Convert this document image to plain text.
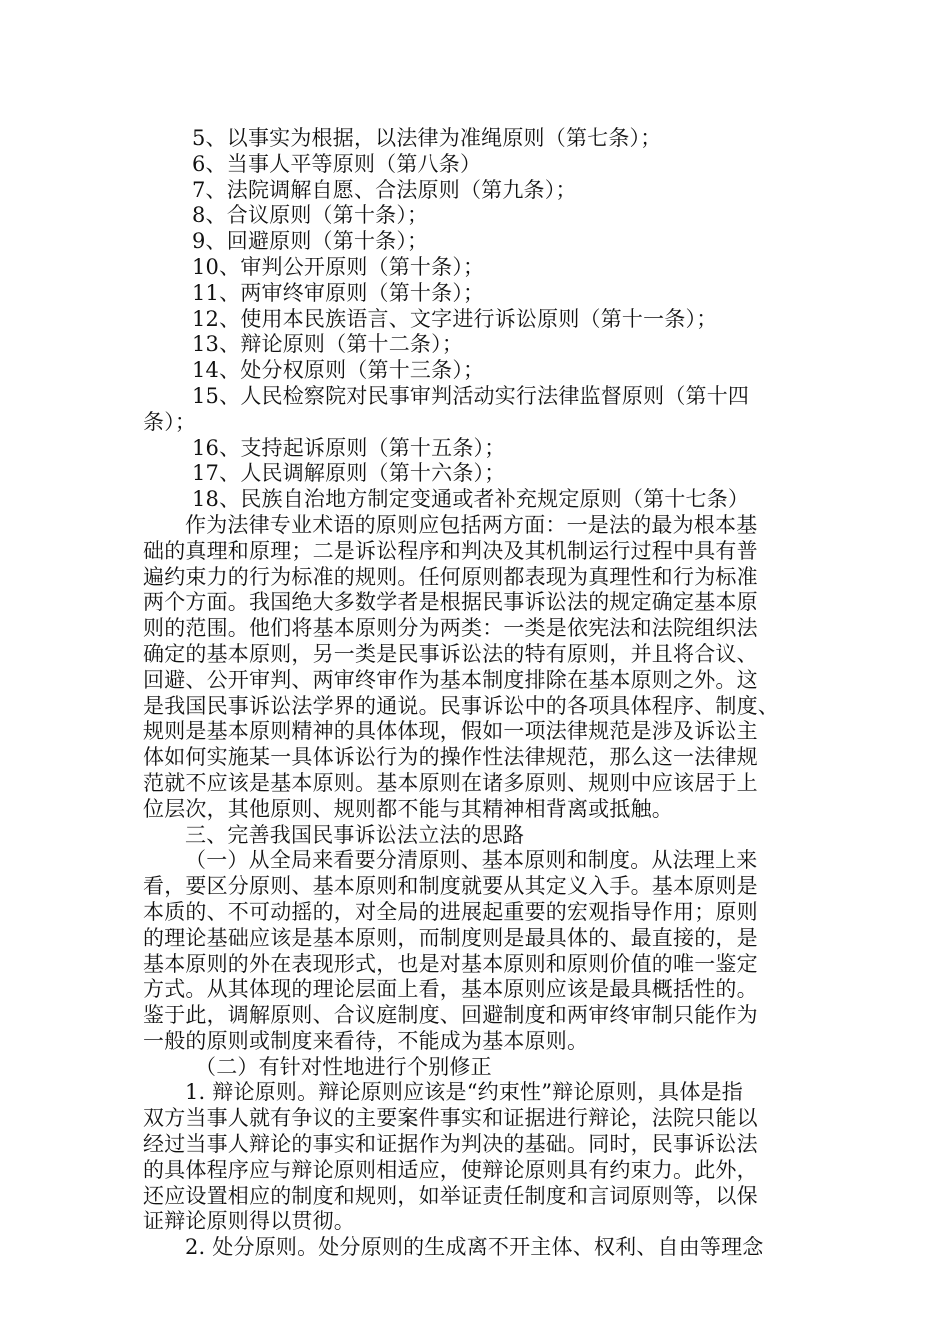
5、以事实为根据，以法律为准绳原则（第七条）；
6、当事人平等原则（第八条）
7、法院调解自愿、合法原则（第九条）；
8、合议原则（第十条）；
9、回避原则（第十条）；
10、审判公开原则（第十条）；
11、两审终审原则（第十条）；
12、使用本民族语言、文字进行诉讼原则（第十一条）；
13、辩论原则（第十二条）；
14、处分权原则（第十三条）；
15、人民检察院对民事审判活动实行法律监督原则（第十四
条）；
16、支持起诉原则（第十五条）；
17、人民调解原则（第十六条）；
18、民族自治地方制定变通或者补充规定原则（第十七条）
作为法律专业术语的原则应包括两方面：一是法的最为根本基
础的真理和原理；二是诉讼程序和判决及其机制运行过程中具有普
遍约束力的行为标准的规则。任何原则都表现为真理性和行为标准
两个方面。我国绝大多数学者是根据民事诉讼法的规定确定基本原
则的范围。他们将基本原则分为两类：一类是依宪法和法院组织法
确定的基本原则，另一类是民事诉讼法的特有原则，并且将合议、
回避、公开审判、两审终审作为基本制度排除在基本原则之外。这
是我国民事诉讼法学界的通说。民事诉讼中的各项具体程序、制度、
规则是基本原则精神的具体体现，假如一项法律规范是涉及诉讼主
体如何实施某一具体诉讼行为的操作性法律规范，那么这一法律规
范就不应该是基本原则。基本原则在诸多原则、规则中应该居于上
位层次，其他原则、规则都不能与其精神相背离或抵触。
三、完善我国民事诉讼法立法的思路
（一）从全局来看要分清原则、基本原则和制度。从法理上来
看，要区分原则、基本原则和制度就要从其定义入手。基本原则是
本质的、不可动摇的，对全局的进展起重要的宏观指导作用；原则
的理论基础应该是基本原则，而制度则是最具体的、最直接的，是
基本原则的外在表现形式，也是对基本原则和原则价值的唯一鉴定
方式。从其体现的理论层面上看，基本原则应该是最具概括性的。
鉴于此，调解原则、合议庭制度、回避制度和两审终审制只能作为
一般的原则或制度来看待，不能成为基本原则。
（二）有针对性地进行个别修正
1. 辩论原则。辩论原则应该是“约束性”辩论原则，具体是指
双方当事人就有争议的主要案件事实和证据进行辩论，法院只能以
经过当事人辩论的事实和证据作为判决的基础。同时，民事诉讼法
的具体程序应与辩论原则相适应，使辩论原则具有约束力。此外，
还应设置相应的制度和规则，如举证责任制度和言词原则等，以保
证辩论原则得以贯彻。
2. 处分原则。处分原则的生成离不开主体、权利、自由等理念
